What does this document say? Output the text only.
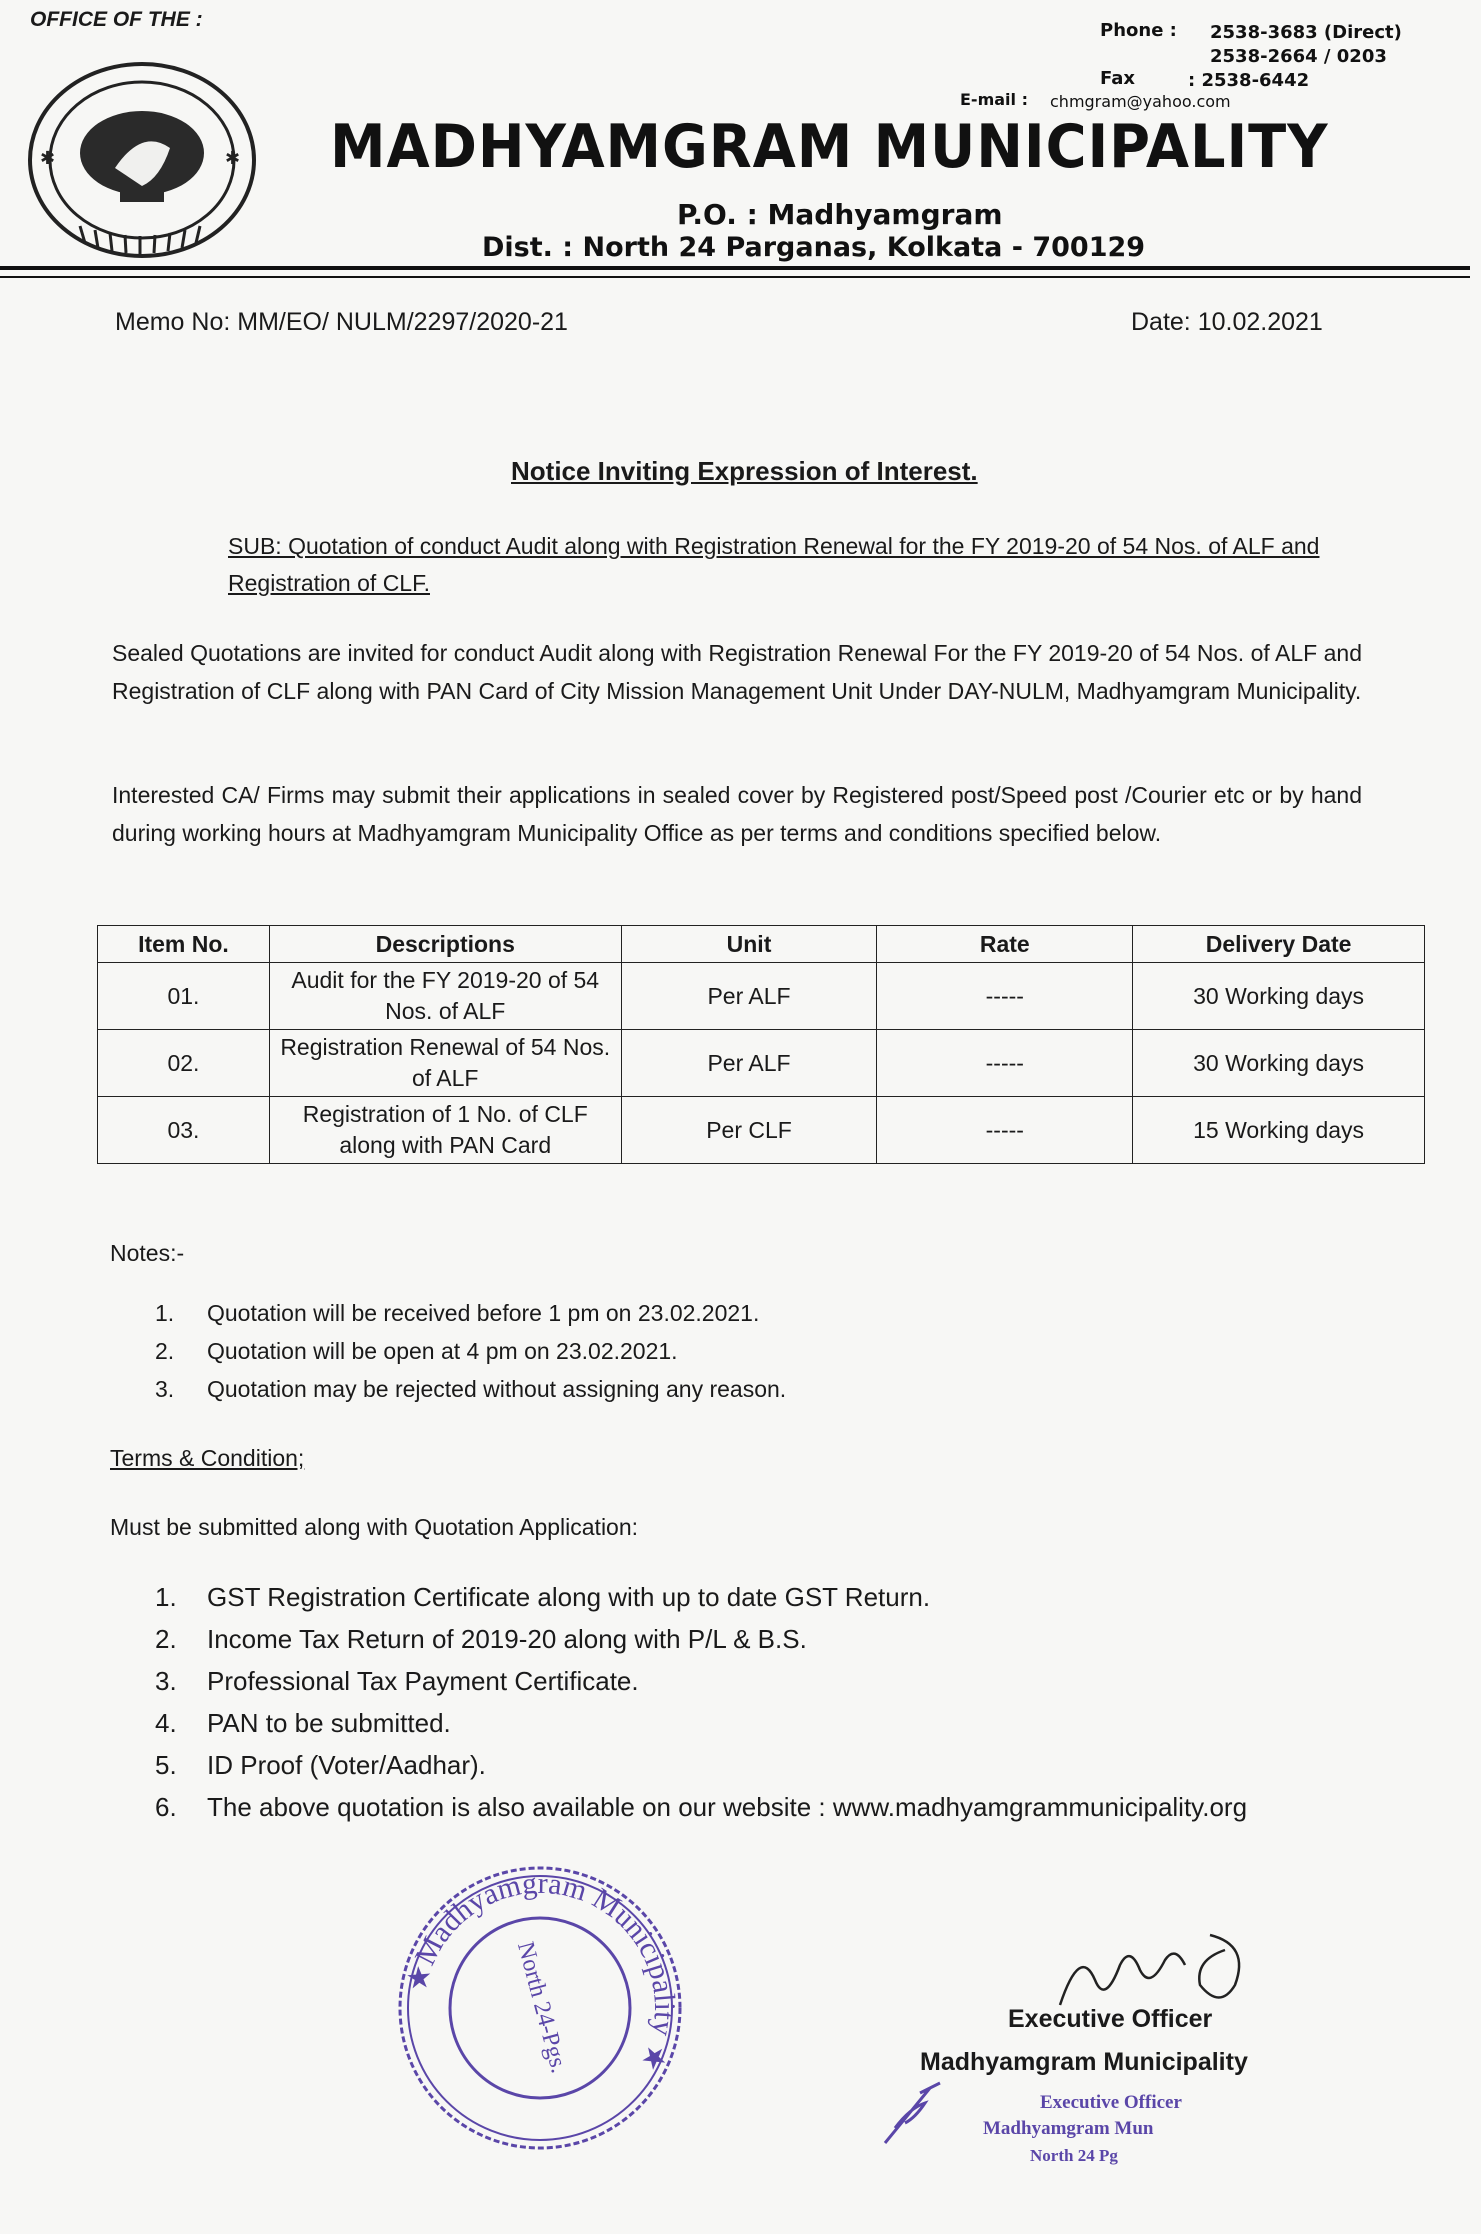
OFFICE OF THE :	Phone : 2538-3683 (Direct)
2538-2664 / 0203
Fax	: 2538-6442
E-mail : chmgram@yahoo.com
✱	✱ MADHYAMGRAM MUNICIPALITY
P.O. : Madhyamgram
Dist. : North 24 Parganas, Kolkata - 700129
Memo No: MM/EO/ NULM/2297/2020-21	Date: 10.02.2021
Notice Inviting Expression of Interest.
SUB: Quotation of conduct Audit along with Registration Renewal for the FY 2019-20 of 54 Nos. of ALF and Registration of CLF.
Sealed Quotations are invited for conduct Audit along with Registration Renewal For the FY 2019-20 of 54 Nos. of ALF and Registration of CLF along with PAN Card of City Mission Management Unit Under DAY-NULM, Madhyamgram Municipality.
Interested CA/ Firms may submit their applications in sealed cover by Registered post/Speed post /Courier etc or by hand during working hours at Madhyamgram Municipality Office as per terms and conditions specified below.
Item No.	Descriptions	Unit	Rate	Delivery Date
01.	Audit for the FY 2019-20 of 54 Nos. of ALF	Per ALF	-----	30 Working days
02.	Registration Renewal of 54 Nos. of ALF	Per ALF	-----	30 Working days
03.	Registration of 1 No. of CLF along with PAN Card	Per CLF	-----	15 Working days
Notes:-
1.	Quotation will be received before 1 pm on 23.02.2021.
2.	Quotation will be open at 4 pm on 23.02.2021.
3.	Quotation may be rejected without assigning any reason.
Terms & Condition;
Must be submitted along with Quotation Application:
1.	GST Registration Certificate along with up to date GST Return.
2.	Income Tax Return of 2019-20 along with P/L & B.S.
3.	Professional Tax Payment Certificate.
4.	PAN to be submitted.
5.	ID Proof (Voter/Aadhar).
6.	The above quotation is also available on our website : www.madhyamgrammunicipality.org
★Madhyamgram Municipality ★
North 24-Pgs.	Executive Officer
Madhyamgram Municipality
Executive Officer
Madhyamgram Mun
North 24 Pg
